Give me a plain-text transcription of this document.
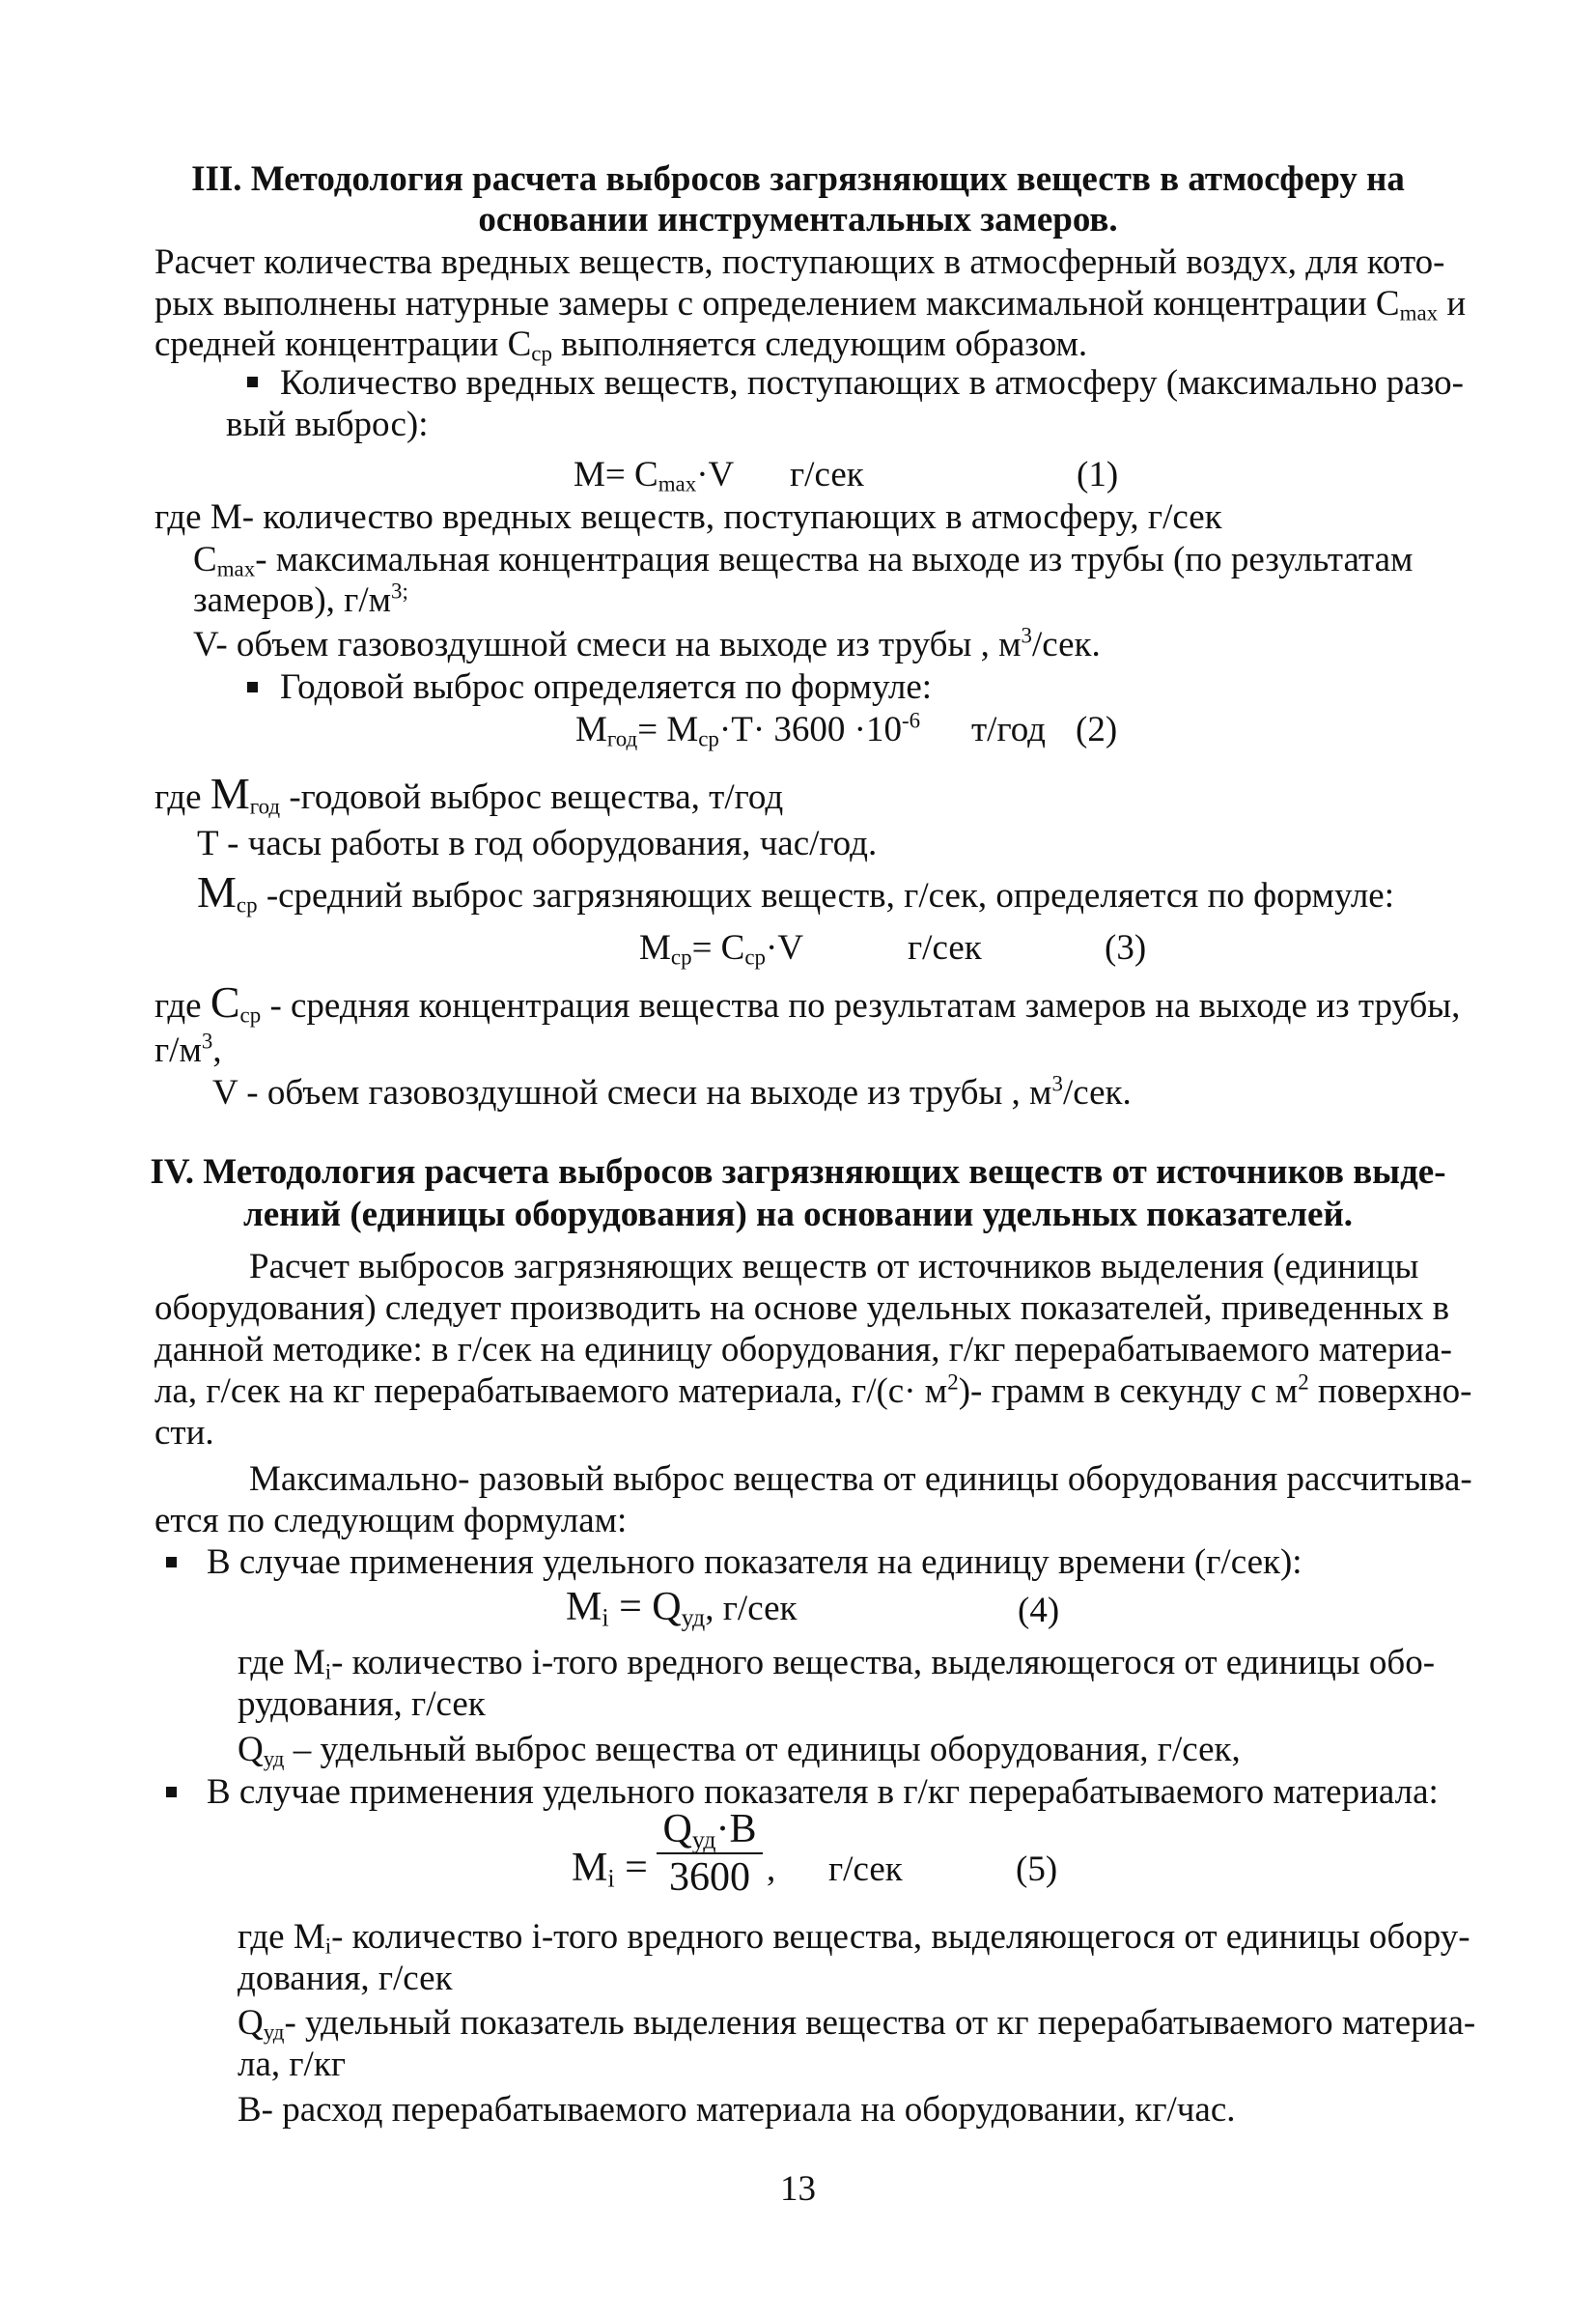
III. Методология расчета выбросов загрязняющих веществ в атмосферу на
основании инструментальных замеров.
Расчет количества вредных веществ, поступающих в атмосферный воздух, для кото-
рых выполнены натурные замеры с определением максимальной концентрации $C_{max}$ и
средней концентрации $C_{ср}$ выполняется следующим образом.
Количество вредных веществ, поступающих в атмосферу (максимально разо-
вый выброс):
$M= C_{max}\cdot V$ г/сек	(1)
где M- количество вредных веществ, поступающих в атмосферу, г/сек
$C_{max}-$ максимальная концентрация вещества на выходе из трубы (по результатам
замеров), $г/м^{3;}$
V- объем газовоздушной смеси на выходе из трубы , $м^3$/сек.
Годовой выброс определяется по формуле:
$M_{год}= M_{ср}\cdot T\cdot 3600 \cdot 10^{-6}$ т/год (2)
где $M_{год}$ -годовой выброс вещества, т/год
T - часы работы в год оборудования, час/год.
$M_{ср}$ -средний выброс загрязняющих веществ, г/сек, определяется по формуле:
$M_{ср}= C_{ср}\cdot V$	г/сек	(3)
где $C_{ср}$ - средняя концентрация вещества по результатам замеров на выходе из трубы,
$г/м^3$,
V - объем газовоздушной смеси на выходе из трубы , $м^3$/сек.
IV. Методология расчета выбросов загрязняющих веществ от источников выде-
лений (единицы оборудования) на основании удельных показателей.
Расчет выбросов загрязняющих веществ от источников выделения (единицы
оборудования) следует производить на основе удельных показателей, приведенных в
данной методике: в г/сек на единицу оборудования, г/кг перерабатываемого материа-
ла, г/сек на кг перерабатываемого материала, $г/(с\cdot м^2)-$ грамм в секунду с $м^2$ поверхно-
сти.
Максимально- разовый выброс вещества от единицы оборудования рассчитыва-
ется по следующим формулам:
В случае применения удельного показателя на единицу времени (г/сек):
$M_i = Q_{уд}$, г/сек	(4)
где $M_i-$ количество i-того вредного вещества, выделяющегося от единицы обо-
рудования, г/сек
$Q_{уд}$ – удельный выброс вещества от единицы оборудования, г/сек,
В случае применения удельного показателя в г/кг перерабатываемого материала:
$M_i$ =
$Q_{уд}\cdot B$
3600 , г/сек	(5)
где $M_i-$ количество i-того вредного вещества, выделяющегося от единицы обору-
дования, г/сек
$Q_{уд}-$ удельный показатель выделения вещества от кг перерабатываемого материа-
ла, г/кг
B- расход перерабатываемого материала на оборудовании, кг/час.
13
